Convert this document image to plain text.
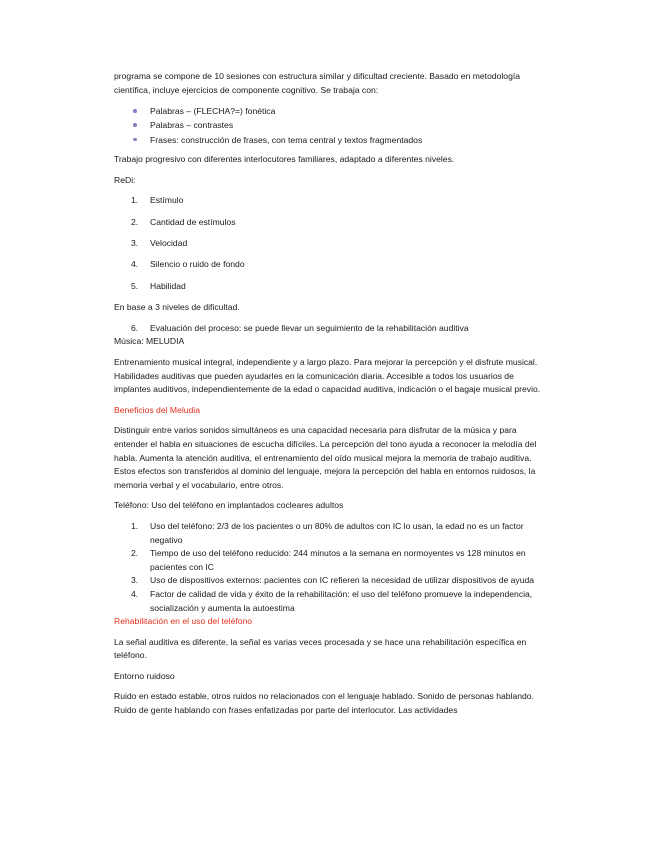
programa se compone de 10 sesiones con estructura similar y dificultad creciente. Basado en metodología científica, incluye ejercicios de componente cognitivo. Se trabaja con:

Palabras – (FLECHA?=) fonética
Palabras – contrastes
Frases: construcción de frases, con tema central y textos fragmentados

Trabajo progresivo con diferentes interlocutores familiares, adaptado a diferentes niveles.

ReDi:

1. Estímulo
2. Cantidad de estímulos
3. Velocidad
4. Silencio o ruido de fondo
5. Habilidad

En base a 3 niveles de dificultad.

6. Evaluación del proceso: se puede llevar un seguimiento de la rehabilitación auditiva

Música: MELUDIA

Entrenamiento musical integral, independiente y a largo plazo. Para mejorar la percepción y el disfrute musical. Habilidades auditivas que pueden ayudarles en la comunicación diaria. Accesible a todos los usuarios de implantes auditivos, independientemente de la edad o capacidad auditiva, indicación o el bagaje musical previo.

Beneficios del Meludia

Distinguir entre varios sonidos simultáneos es una capacidad necesaria para disfrutar de la música y para entender el habla en situaciones de escucha difíciles. La percepción del tono ayuda a reconocer la melodía del habla. Aumenta la atención auditiva, el entrenamiento del oído musical mejora la memoria de trabajo auditiva. Estos efectos son transferidos al dominio del lenguaje, mejora la percepción del habla en entornos ruidosos, la memoria verbal y el vocabulario, entre otros.

Teléfono: Uso del teléfono en implantados cocleares adultos

1. Uso del teléfono: 2/3 de los pacientes o un 80% de adultos con IC lo usan, la edad no es un factor negativo
2. Tiempo de uso del teléfono reducido: 244 minutos a la semana en normoyentes vs 128 minutos en pacientes con IC
3. Uso de dispositivos externos: pacientes con IC refieren la necesidad de utilizar dispositivos de ayuda
4. Factor de calidad de vida y éxito de la rehabilitación: el uso del teléfono promueve la independencia, socialización y aumenta la autoestima

Rehabilitación en el uso del teléfono

La señal auditiva es diferente, la señal es varias veces procesada y se hace una rehabilitación específica en teléfono.

Entorno ruidoso

Ruido en estado estable, otros ruidos no relacionados con el lenguaje hablado. Sonido de personas hablando. Ruido de gente hablando con frases enfatizadas por parte del interlocutor. Las actividades
